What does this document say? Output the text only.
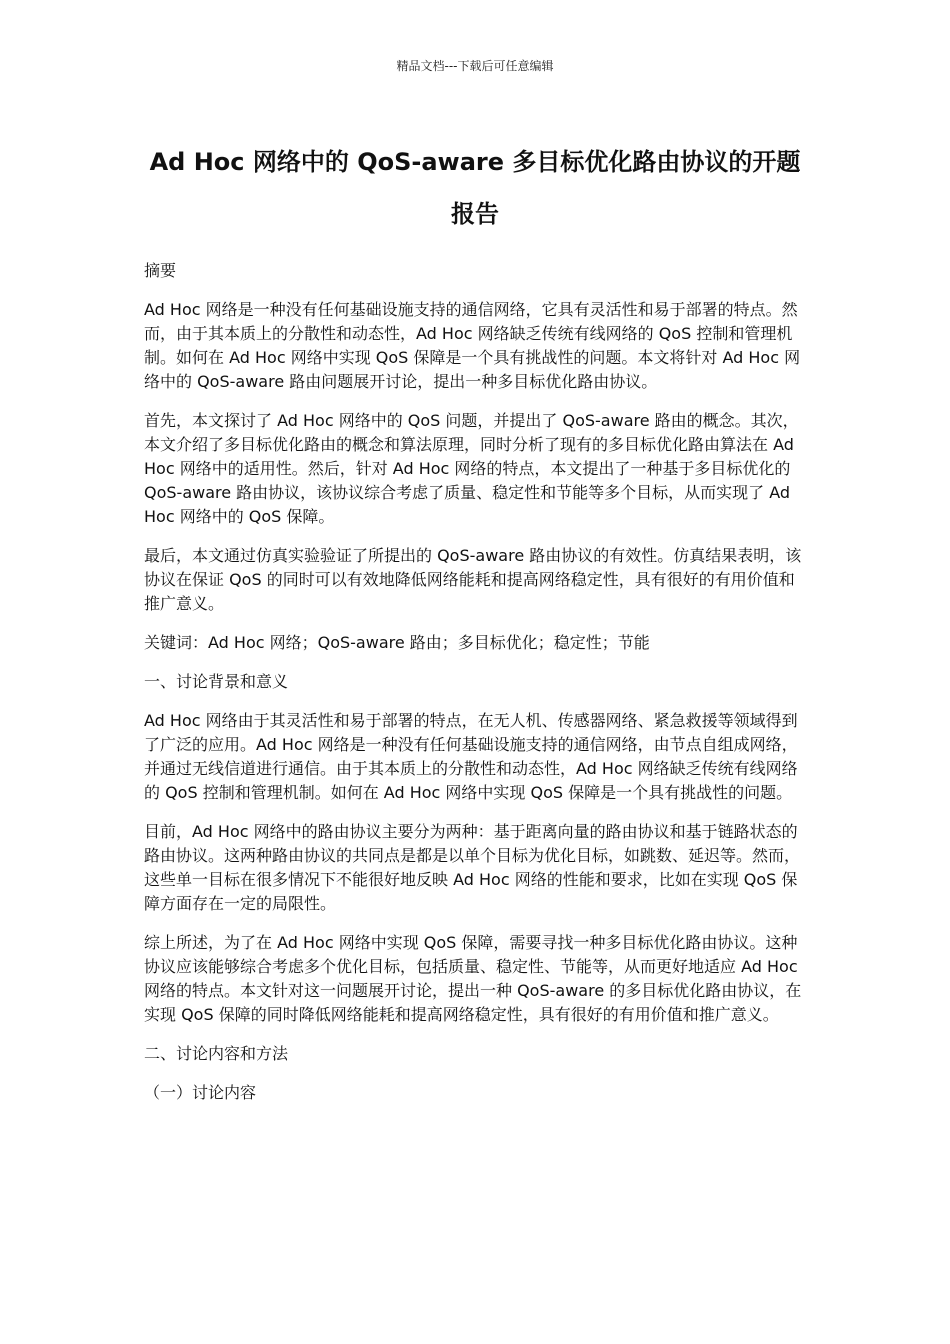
精品文档---下载后可任意编辑
Ad Hoc 网络中的 QoS-aware 多目标优化路由协议的开题报告

摘要

Ad Hoc 网络是一种没有任何基础设施支持的通信网络，它具有灵活性和易于部署的特点。然而，由于其本质上的分散性和动态性，Ad Hoc 网络缺乏传统有线网络的 QoS 控制和管理机制。如何在 Ad Hoc 网络中实现 QoS 保障是一个具有挑战性的问题。本文将针对 Ad Hoc 网络中的 QoS-aware 路由问题展开讨论，提出一种多目标优化路由协议。

首先，本文探讨了 Ad Hoc 网络中的 QoS 问题，并提出了 QoS-aware 路由的概念。其次，本文介绍了多目标优化路由的概念和算法原理，同时分析了现有的多目标优化路由算法在 Ad Hoc 网络中的适用性。然后，针对 Ad Hoc 网络的特点，本文提出了一种基于多目标优化的 QoS-aware 路由协议，该协议综合考虑了质量、稳定性和节能等多个目标，从而实现了 Ad Hoc 网络中的 QoS 保障。

最后，本文通过仿真实验验证了所提出的 QoS-aware 路由协议的有效性。仿真结果表明，该协议在保证 QoS 的同时可以有效地降低网络能耗和提高网络稳定性，具有很好的有用价值和推广意义。

关键词：Ad Hoc 网络；QoS-aware 路由；多目标优化；稳定性；节能

一、讨论背景和意义

Ad Hoc 网络由于其灵活性和易于部署的特点，在无人机、传感器网络、紧急救援等领域得到了广泛的应用。Ad Hoc 网络是一种没有任何基础设施支持的通信网络，由节点自组成网络，并通过无线信道进行通信。由于其本质上的分散性和动态性，Ad Hoc 网络缺乏传统有线网络的 QoS 控制和管理机制。如何在 Ad Hoc 网络中实现 QoS 保障是一个具有挑战性的问题。

目前，Ad Hoc 网络中的路由协议主要分为两种：基于距离向量的路由协议和基于链路状态的路由协议。这两种路由协议的共同点是都是以单个目标为优化目标，如跳数、延迟等。然而，这些单一目标在很多情况下不能很好地反映 Ad Hoc 网络的性能和要求，比如在实现 QoS 保障方面存在一定的局限性。

综上所述，为了在 Ad Hoc 网络中实现 QoS 保障，需要寻找一种多目标优化路由协议。这种协议应该能够综合考虑多个优化目标，包括质量、稳定性、节能等，从而更好地适应 Ad Hoc 网络的特点。本文针对这一问题展开讨论，提出一种 QoS-aware 的多目标优化路由协议，在实现 QoS 保障的同时降低网络能耗和提高网络稳定性，具有很好的有用价值和推广意义。

二、讨论内容和方法

（一）讨论内容
